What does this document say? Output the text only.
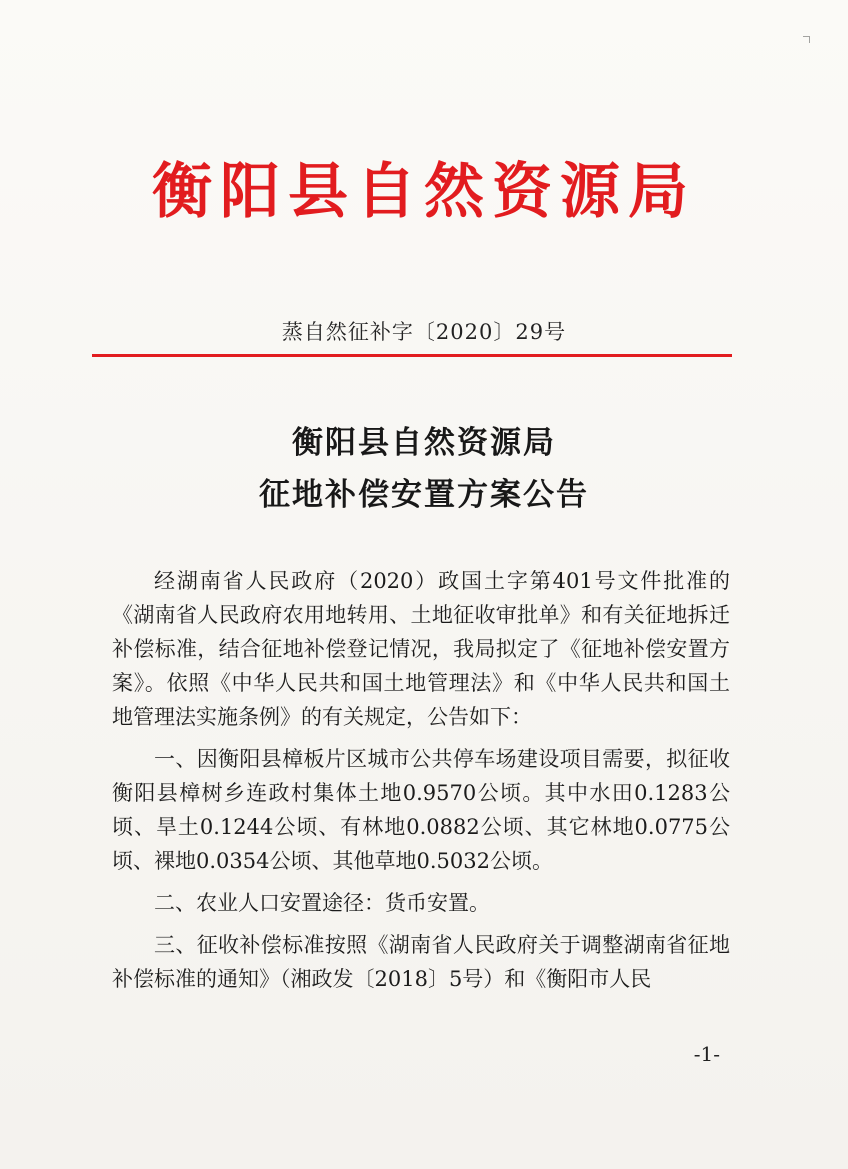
衡阳县自然资源局
蒸自然征补字〔2020〕29号
衡阳县自然资源局
征地补偿安置方案公告

经湖南省人民政府（2020）政国土字第401号文件批准的《湖南省人民政府农用地转用、土地征收审批单》和有关征地拆迁补偿标准，结合征地补偿登记情况，我局拟定了《征地补偿安置方案》。依照《中华人民共和国土地管理法》和《中华人民共和国土地管理法实施条例》的有关规定，公告如下：

一、因衡阳县樟板片区城市公共停车场建设项目需要，拟征收衡阳县樟树乡连政村集体土地0.9570公顷。其中水田0.1283公顷、旱土0.1244公顷、有林地0.0882公顷、其它林地0.0775公顷、裸地0.0354公顷、其他草地0.5032公顷。

二、农业人口安置途径：货币安置。

三、征收补偿标准按照《湖南省人民政府关于调整湖南省征地补偿标准的通知》（湘政发〔2018〕5号）和《衡阳市人民

-1-
